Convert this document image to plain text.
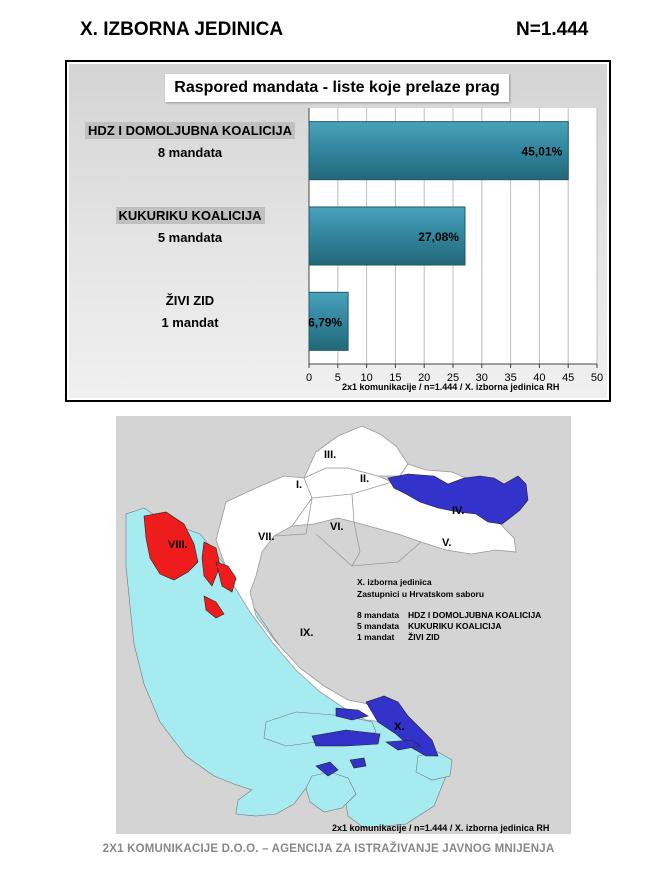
X. IZBORNA JEDINICA	N=1.444
Raspored mandata - liste koje prelaze prag
HDZ I DOMOLJUBNA KOALICIJA
8 mandata
KUKURIKU KOALICIJA
5 mandata
ŽIVI ZID
1 mandat
0 5 10 15 20 25 30 35 40 45 50
45,01%
27,08%
6,79%
2x1 komunikacije / n=1.444 / X. izborna jedinica RH
III.
II.
I.
IV.
VI.
V.
VII.
VIII.
IX.
X.
X. izborna jedinica
Zastupnici u Hrvatskom saboru
8 mandata HDZ I DOMOLJUBNA KOALICIJA
5 mandata KUKURIKU KOALICIJA
1 mandat ŽIVI ZID
2x1 komunikacije / n=1.444 / X. izborna jedinica RH
2X1 KOMUNIKACIJE D.O.O. – AGENCIJA ZA ISTRAŽIVANJE JAVNOG MNIJENJA
